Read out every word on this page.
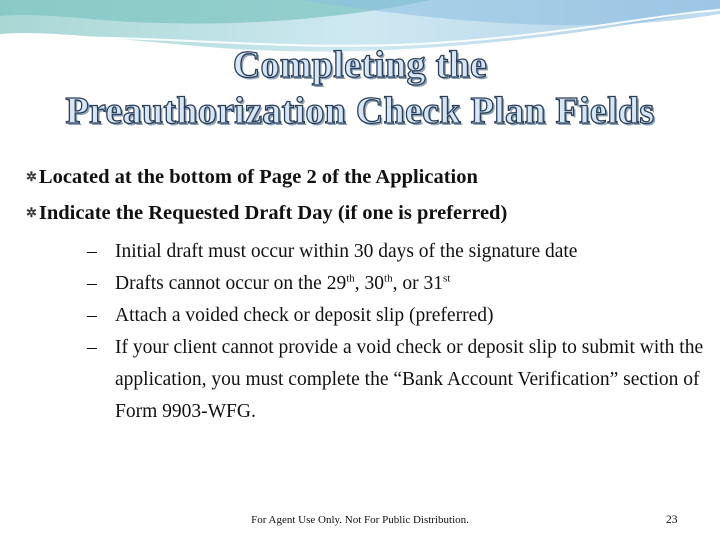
Completing the
Preauthorization Check Plan Fields
✲Located at the bottom of Page 2 of the Application
✲Indicate the Requested Draft Day (if one is preferred)
– Initial draft must occur within 30 days of the signature date
– Drafts cannot occur on the 29th, 30th, or 31st
– Attach a voided check or deposit slip (preferred)
– If your client cannot provide a void check or deposit slip to submit with the application, you must complete the “Bank Account Verification” section of Form 9903-WFG.
For Agent Use Only. Not For Public Distribution.	23
